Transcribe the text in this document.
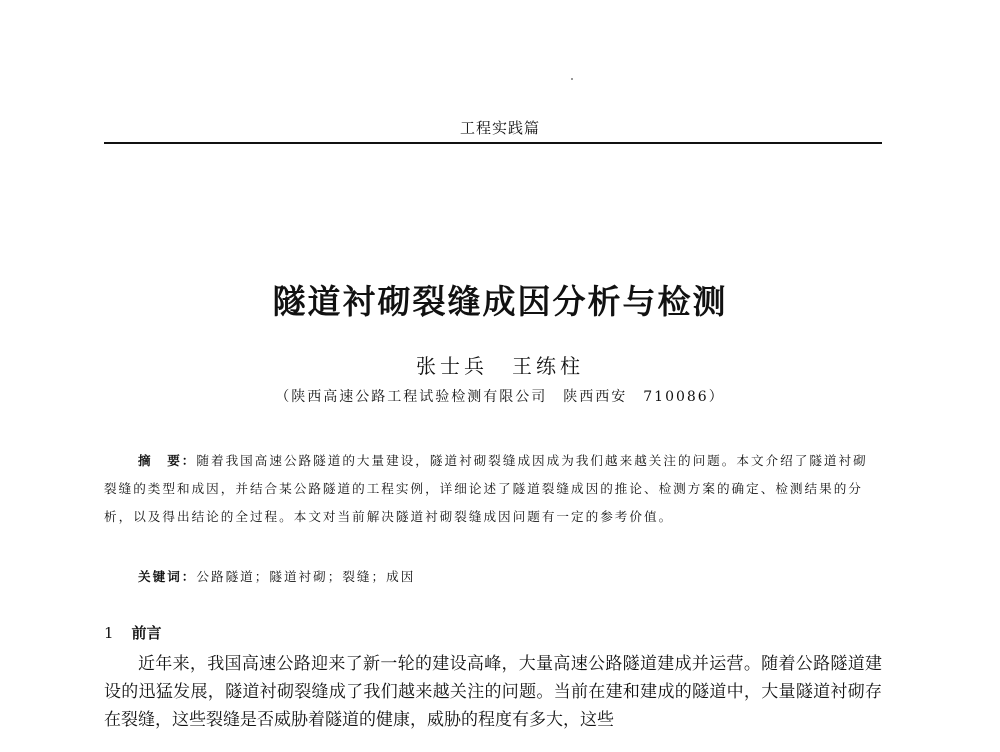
工程实践篇
隧道衬砌裂缝成因分析与检测
张士兵　王练柱
（陕西高速公路工程试验检测有限公司　陕西西安　710086）
摘　要：随着我国高速公路隧道的大量建设，隧道衬砌裂缝成因成为我们越来越关注的问题。本文介绍了隧道衬砌裂缝的类型和成因，并结合某公路隧道的工程实例，详细论述了隧道裂缝成因的推论、检测方案的确定、检测结果的分析，以及得出结论的全过程。本文对当前解决隧道衬砌裂缝成因问题有一定的参考价值。
关键词：公路隧道；隧道衬砌；裂缝；成因
1 前言
近年来，我国高速公路迎来了新一轮的建设高峰，大量高速公路隧道建成并运营。随着公路隧道建设的迅猛发展，隧道衬砌裂缝成了我们越来越关注的问题。当前在建和建成的隧道中，大量隧道衬砌存在裂缝，这些裂缝是否威胁着隧道的健康，威胁的程度有多大，这些
